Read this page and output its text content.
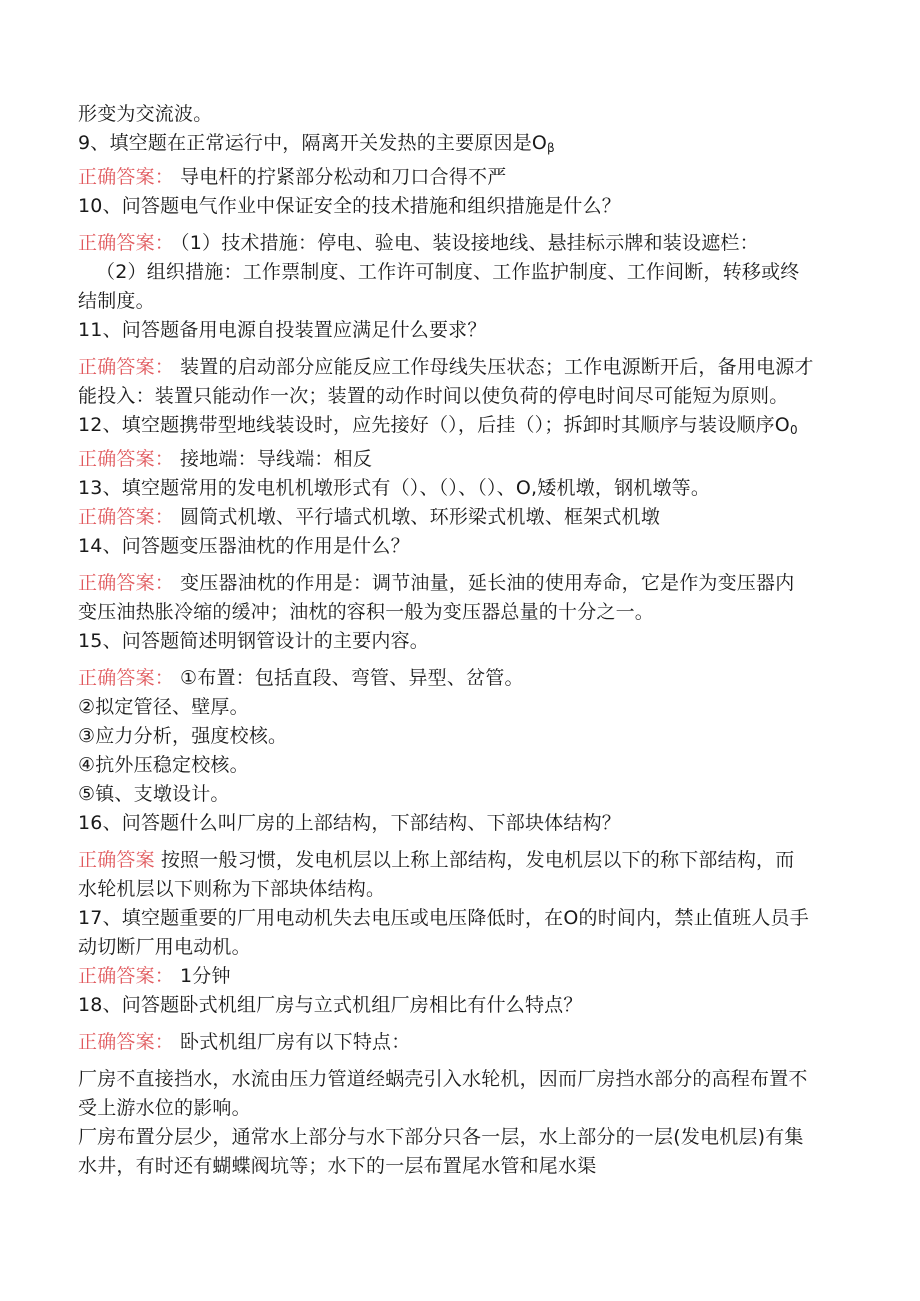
形变为交流波。
9、填空题在正常运行中，隔离开关发热的主要原因是$O_\beta$
正确答案： 导电杆的拧紧部分松动和刀口合得不严
10、问答题电气作业中保证安全的技术措施和组织措施是什么？
正确答案： （1）技术措施：停电、验电、装设接地线、悬挂标示牌和装设遮栏：
（2）组织措施：工作票制度、工作许可制度、工作监护制度、工作间断，转移或终
结制度。
11、问答题备用电源自投装置应满足什么要求？
正确答案： 装置的启动部分应能反应工作母线失压状态；工作电源断开后，备用电源才
能投入：装置只能动作一次；装置的动作时间以使负荷的停电时间尽可能短为原则。
12、填空题携带型地线装设时，应先接好（），后挂（）；拆卸时其顺序与装设顺序$O_0$
正确答案： 接地端：导线端：相反
13、填空题常用的发电机机墩形式有（）、（）、（）、O,矮机墩，钢机墩等。
正确答案： 圆筒式机墩、平行墙式机墩、环形梁式机墩、框架式机墩
14、问答题变压器油枕的作用是什么？
正确答案： 变压器油枕的作用是：调节油量，延长油的使用寿命，它是作为变压器内
变压油热胀冷缩的缓冲；油枕的容积一般为变压器总量的十分之一。
15、问答题简述明钢管设计的主要内容。
正确答案： ①布置：包括直段、弯管、异型、岔管。
②拟定管径、壁厚。
③应力分析，强度校核。
④抗外压稳定校核。
⑤镇、支墩设计。
16、问答题什么叫厂房的上部结构，下部结构、下部块体结构？
正确答案 按照一般习惯，发电机层以上称上部结构，发电机层以下的称下部结构，而
水轮机层以下则称为下部块体结构。
17、填空题重要的厂用电动机失去电压或电压降低时，在O的时间内，禁止值班人员手
动切断厂用电动机。
正确答案： 1分钟
18、问答题卧式机组厂房与立式机组厂房相比有什么特点？
正确答案： 卧式机组厂房有以下特点：
厂房不直接挡水，水流由压力管道经蜗壳引入水轮机，因而厂房挡水部分的高程布置不
受上游水位的影响。
厂房布置分层少，通常水上部分与水下部分只各一层，水上部分的一层(发电机层)有集
水井，有时还有蝴蝶阀坑等；水下的一层布置尾水管和尾水渠
